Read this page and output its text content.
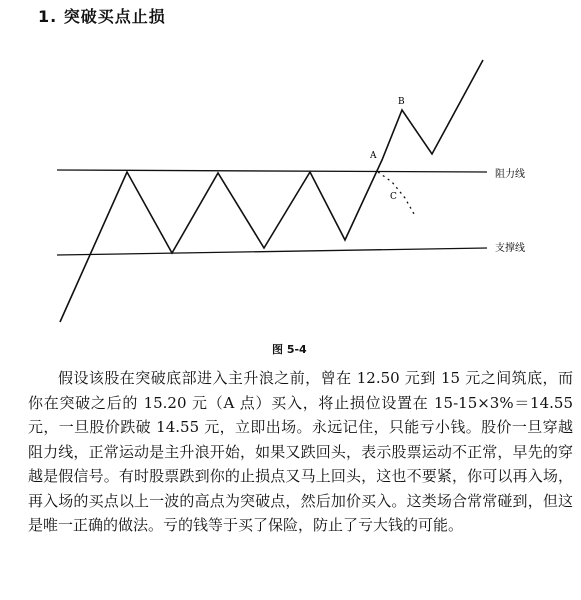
1. 突破买点止损
A
B
C
阻力线
支撑线
图 5-4

假设该股在突破底部进入主升浪之前，曾在 12.50 元到 15 元之间筑底，而你在突破之后的 15.20 元（A 点）买入，将止损位设置在 15-15×3%＝14.55 元，一旦股价跌破 14.55 元，立即出场。永远记住，只能亏小钱。股价一旦穿越阻力线，正常运动是主升浪开始，如果又跌回头，表示股票运动不正常，早先的穿越是假信号。有时股票跌到你的止损点又马上回头，这也不要紧，你可以再入场，再入场的买点以上一波的高点为突破点，然后加价买入。这类场合常常碰到，但这是唯一正确的做法。亏的钱等于买了保险，防止了亏大钱的可能。
